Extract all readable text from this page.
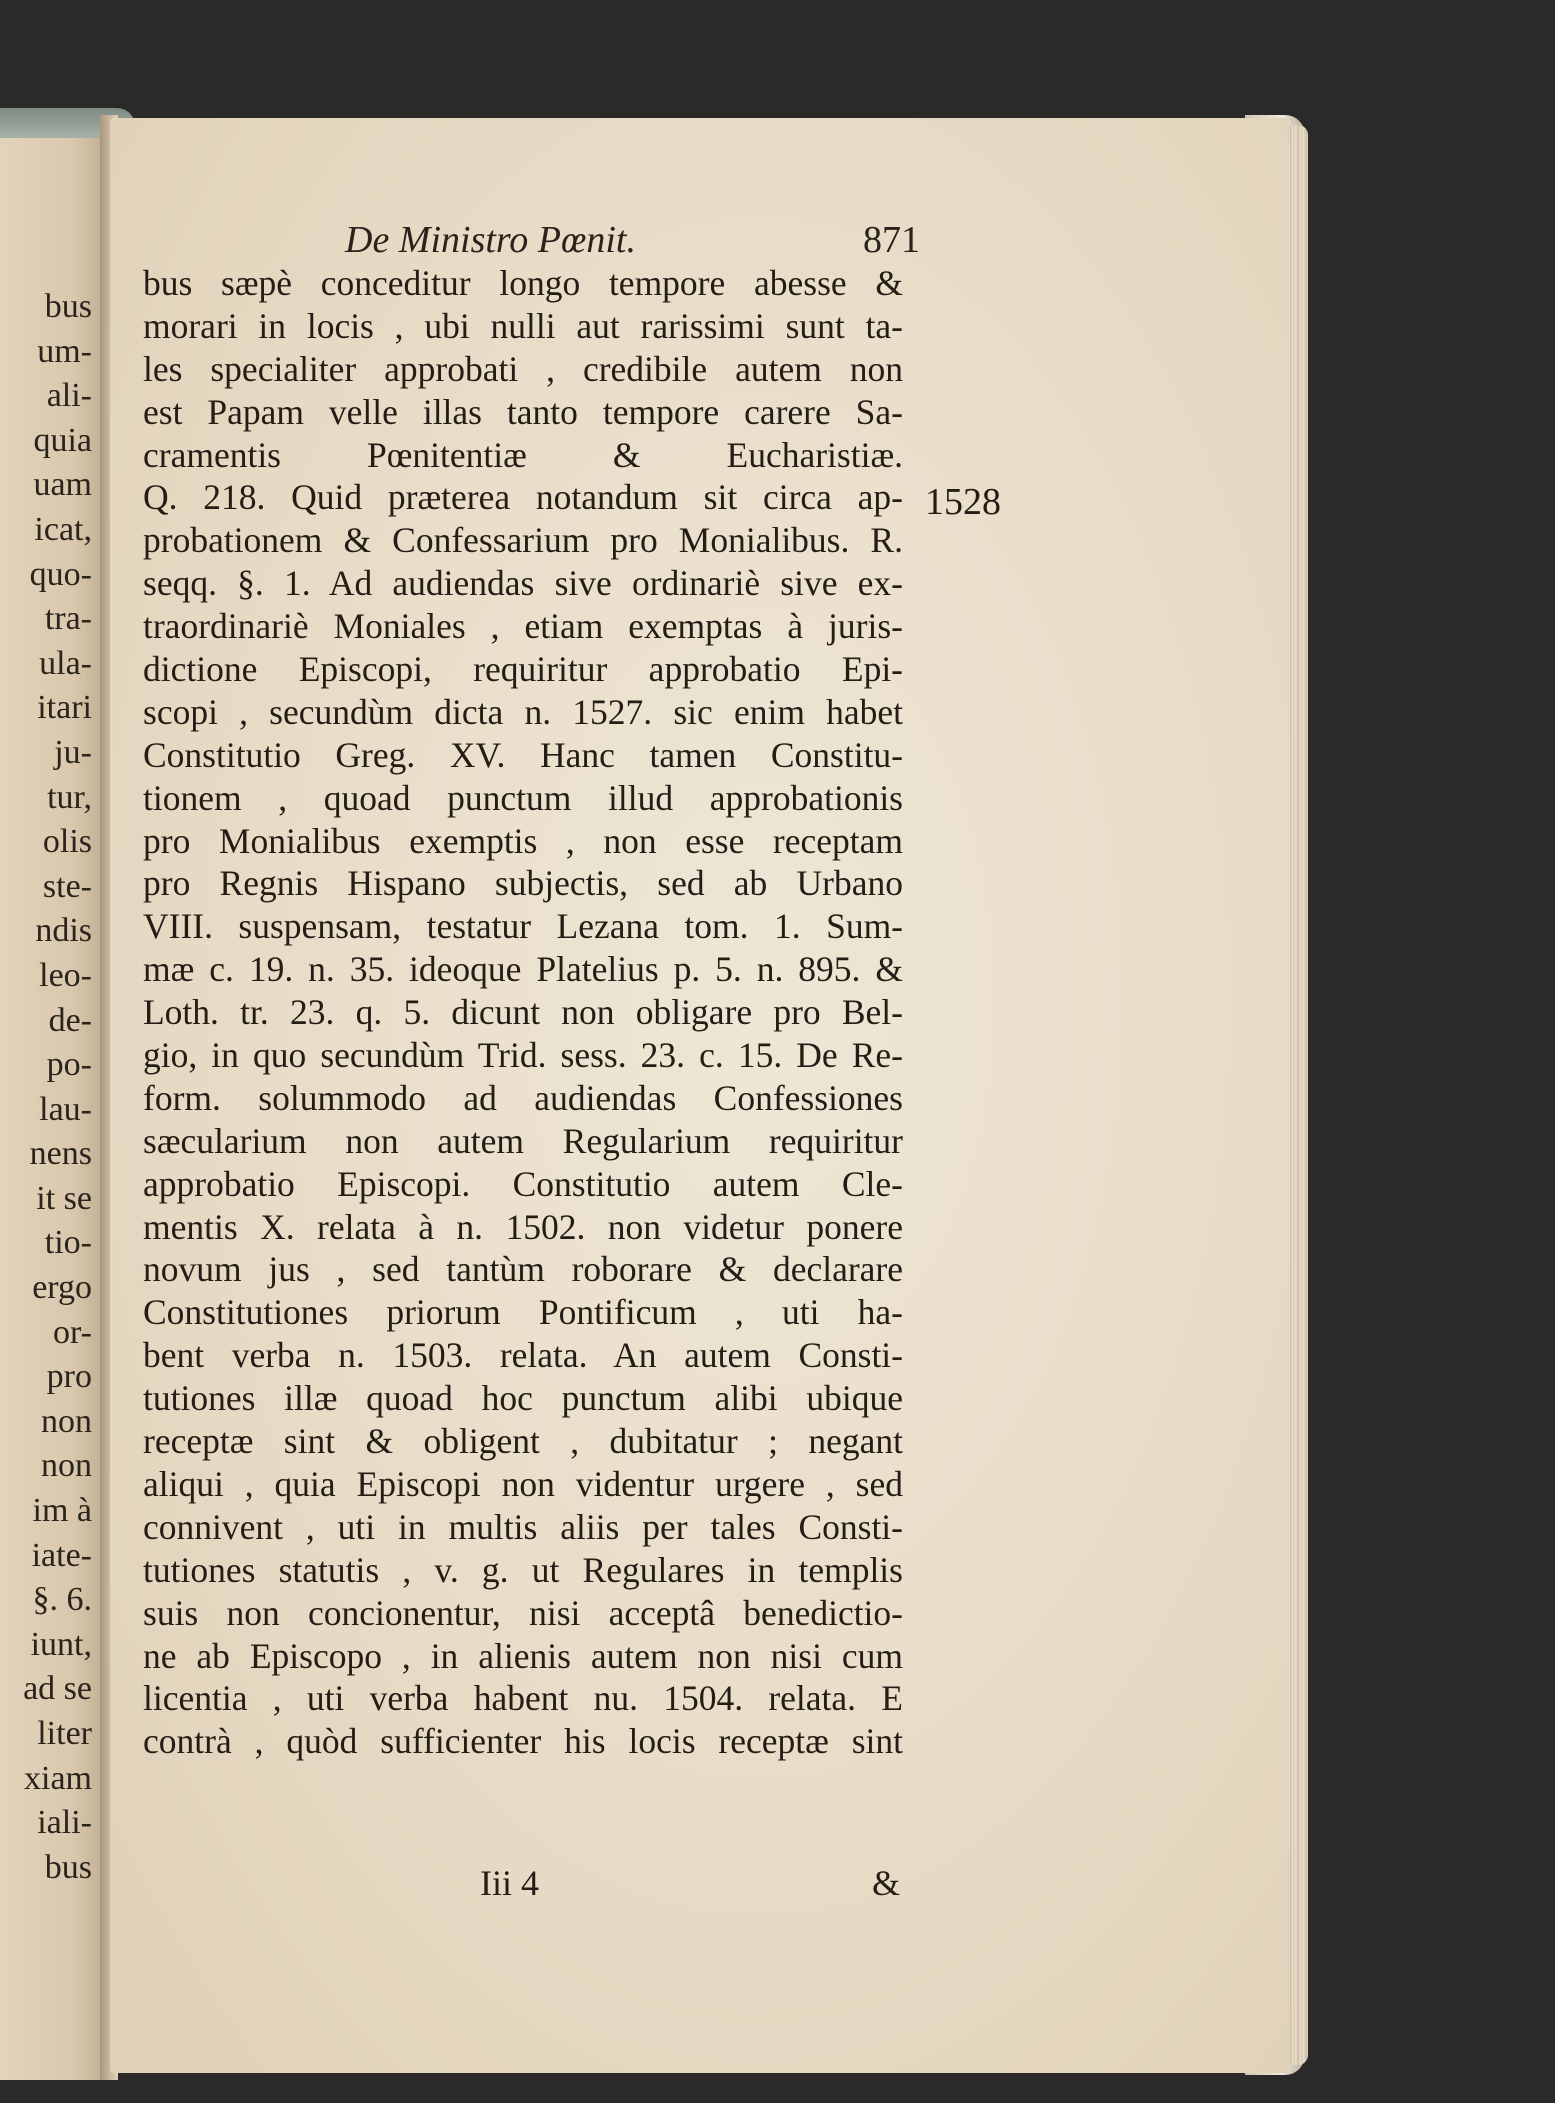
bus
um-
ali-
quia
uam
icat,
quo-
tra-
ula-
itari
ju-
tur,
olis
ste-
ndis
leo-
de-
po-
lau-
nens
it se
tio-
ergo
or-
pro
non
non
im à
iate-
§. 6.
iunt,
ad se
liter
xiam
iali-
bus
De Ministro Pœnit.	871
1528
bus sæpè conceditur longo tempore abesse &
morari in locis , ubi nulli aut rarissimi sunt ta-
les specialiter approbati , credibile autem non
est Papam velle illas tanto tempore carere Sa-
cramentis Pœnitentiæ & Eucharistiæ.
Q. 218. Quid præterea notandum sit circa ap-
probationem & Confessarium pro Monialibus. R.
seqq. §. 1. Ad audiendas sive ordinariè sive ex-
traordinariè Moniales , etiam exemptas à juris-
dictione Episcopi, requiritur approbatio Epi-
scopi , secundùm dicta n. 1527. sic enim habet
Constitutio Greg. XV. Hanc tamen Constitu-
tionem , quoad punctum illud approbationis
pro Monialibus exemptis , non esse receptam
pro Regnis Hispano subjectis, sed ab Urbano
VIII. suspensam, testatur Lezana tom. 1. Sum-
mæ c. 19. n. 35. ideoque Platelius p. 5. n. 895. &
Loth. tr. 23. q. 5. dicunt non obligare pro Bel-
gio, in quo secundùm Trid. sess. 23. c. 15. De Re-
form. solummodo ad audiendas Confessiones
sæcularium non autem Regularium requiritur
approbatio Episcopi. Constitutio autem Cle-
mentis X. relata à n. 1502. non videtur ponere
novum jus , sed tantùm roborare & declarare
Constitutiones priorum Pontificum , uti ha-
bent verba n. 1503. relata. An autem Consti-
tutiones illæ quoad hoc punctum alibi ubique
receptæ sint & obligent , dubitatur ; negant
aliqui , quia Episcopi non videntur urgere , sed
connivent , uti in multis aliis per tales Consti-
tutiones statutis , v. g. ut Regulares in templis
suis non concionentur, nisi acceptâ benedictio-
ne ab Episcopo , in alienis autem non nisi cum
licentia , uti verba habent nu. 1504. relata. E
contrà , quòd sufficienter his locis receptæ sint
Iii 4	&
